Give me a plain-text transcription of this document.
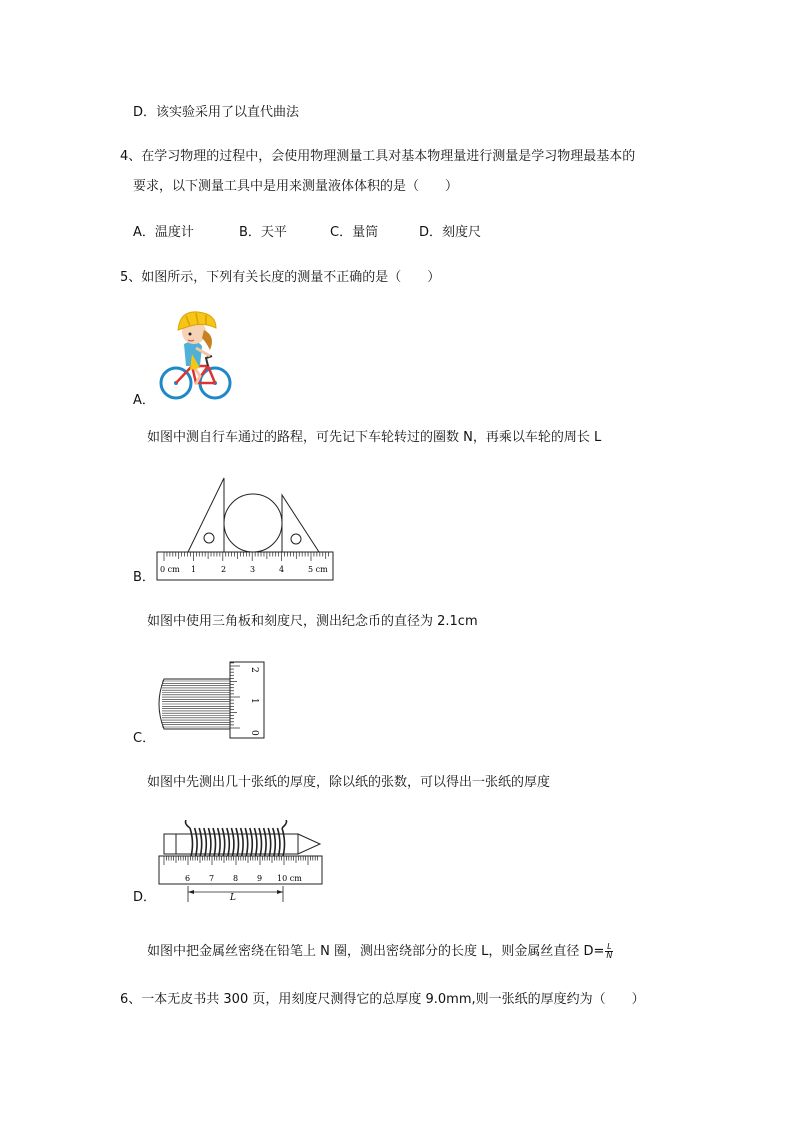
D．该实验采用了以直代曲法
4、在学习物理的过程中，会使用物理测量工具对基本物理量进行测量是学习物理最基本的
要求，以下测量工具中是用来测量液体体积的是（　　）
A．温度计	B．天平	C．量筒	D．刻度尺
5、如图所示，下列有关长度的测量不正确的是（　　）
A．
如图中测自行车通过的路程，可先记下车轮转过的圈数 N，再乘以车轮的周长 L
0 cm 1	2	3	4	5 cm
B．
如图中使用三角板和刻度尺，测出纪念币的直径为 2.1cm
0
1
2
C．
如图中先测出几十张纸的厚度，除以纸的张数，可以得出一张纸的厚度
6 7 8 9 10 cm
L
D．
如图中把金属丝密绕在铅笔上 N 圈，测出密绕部分的长度 L，则金属丝直径 $D= \frac{L}{N}$
6、一本无皮书共 300 页，用刻度尺测得它的总厚度 9.0mm,则一张纸的厚度约为（　　）
